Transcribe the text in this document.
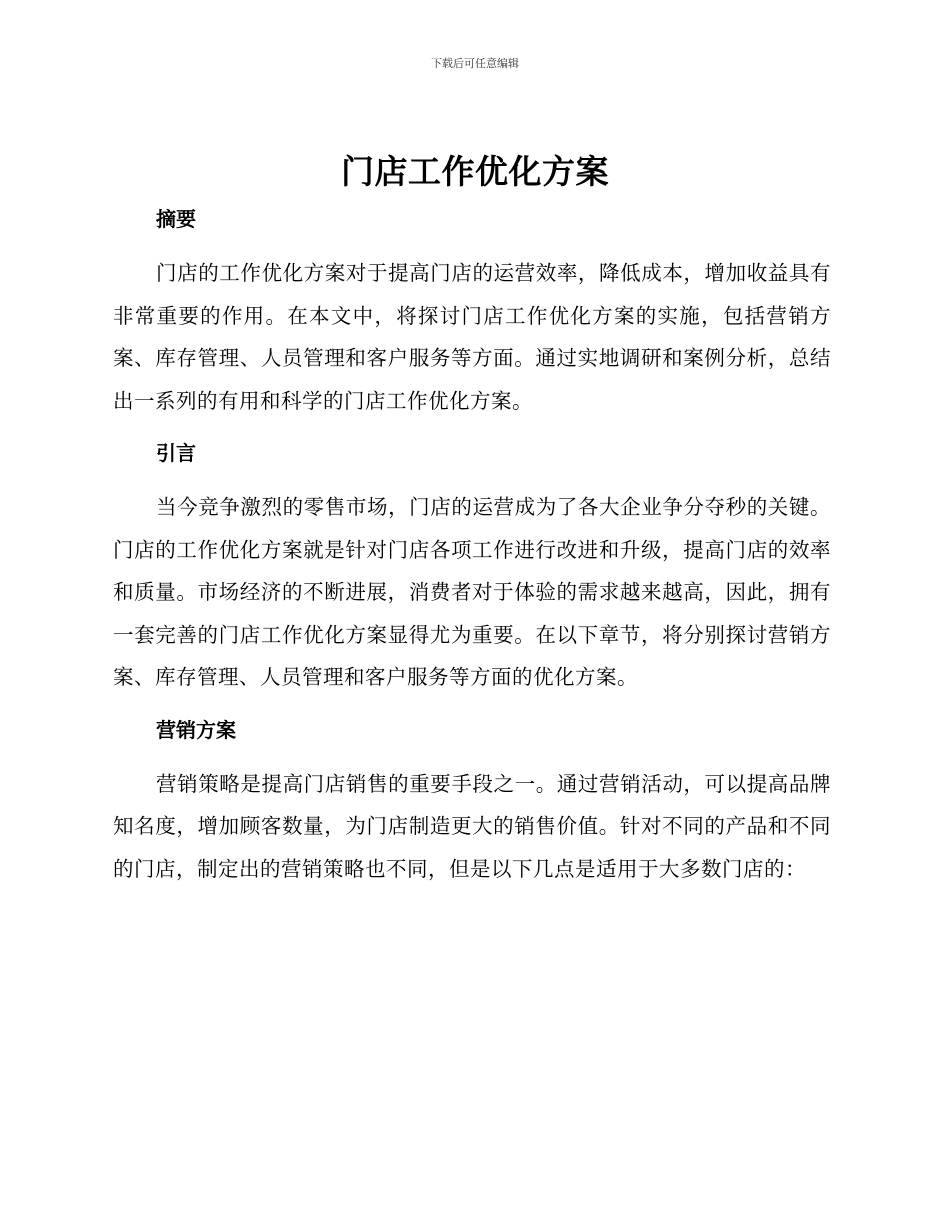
下载后可任意编辑
门店工作优化方案
摘要

门店的工作优化方案对于提高门店的运营效率，降低成本，增加收益具有非常重要的作用。在本文中，将探讨门店工作优化方案的实施，包括营销方案、库存管理、人员管理和客户服务等方面。通过实地调研和案例分析，总结出一系列的有用和科学的门店工作优化方案。

引言

当今竞争激烈的零售市场，门店的运营成为了各大企业争分夺秒的关键。门店的工作优化方案就是针对门店各项工作进行改进和升级，提高门店的效率和质量。市场经济的不断进展，消费者对于体验的需求越来越高，因此，拥有一套完善的门店工作优化方案显得尤为重要。在以下章节，将分别探讨营销方案、库存管理、人员管理和客户服务等方面的优化方案。

营销方案

营销策略是提高门店销售的重要手段之一。通过营销活动，可以提高品牌知名度，增加顾客数量，为门店制造更大的销售价值。针对不同的产品和不同的门店，制定出的营销策略也不同，但是以下几点是适用于大多数门店的：
